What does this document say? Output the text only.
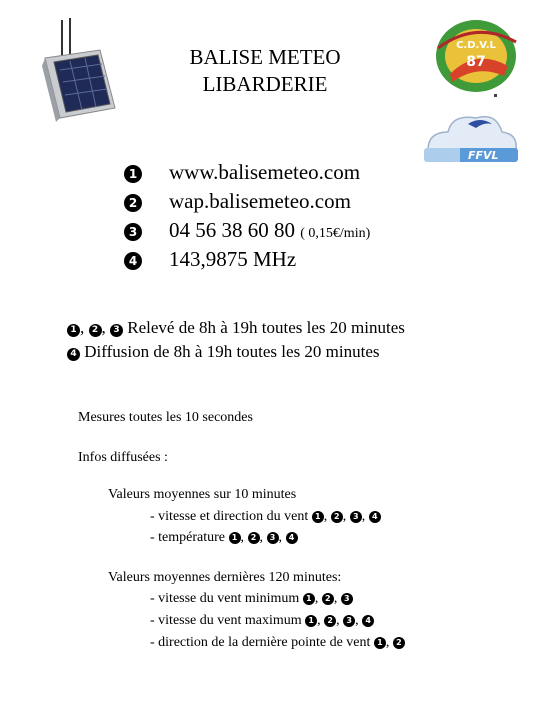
BALISE METEO
LIBARDERIE
C.D.V.L
87
FFVL
1 www.balisemeteo.com
2 wap.balisemeteo.com
3 04 56 38 60 80 ( 0,15€/min)
4 143,9875 MHz
1 , 2 , 3 Relevé de 8h à 19h toutes les 20 minutes
4 Diffusion de 8h à 19h toutes les 20 minutes
Mesures toutes les 10 secondes
Infos diffusées :
Valeurs moyennes sur 10 minutes
- vitesse et direction du vent 1 , 2 , 3 , 4
- température 1 , 2 , 3 , 4
Valeurs moyennes dernières 120 minutes:
- vitesse du vent minimum 1 , 2 , 3
- vitesse du vent maximum 1 , 2 , 3 , 4
- direction de la dernière pointe de vent 1 , 2
